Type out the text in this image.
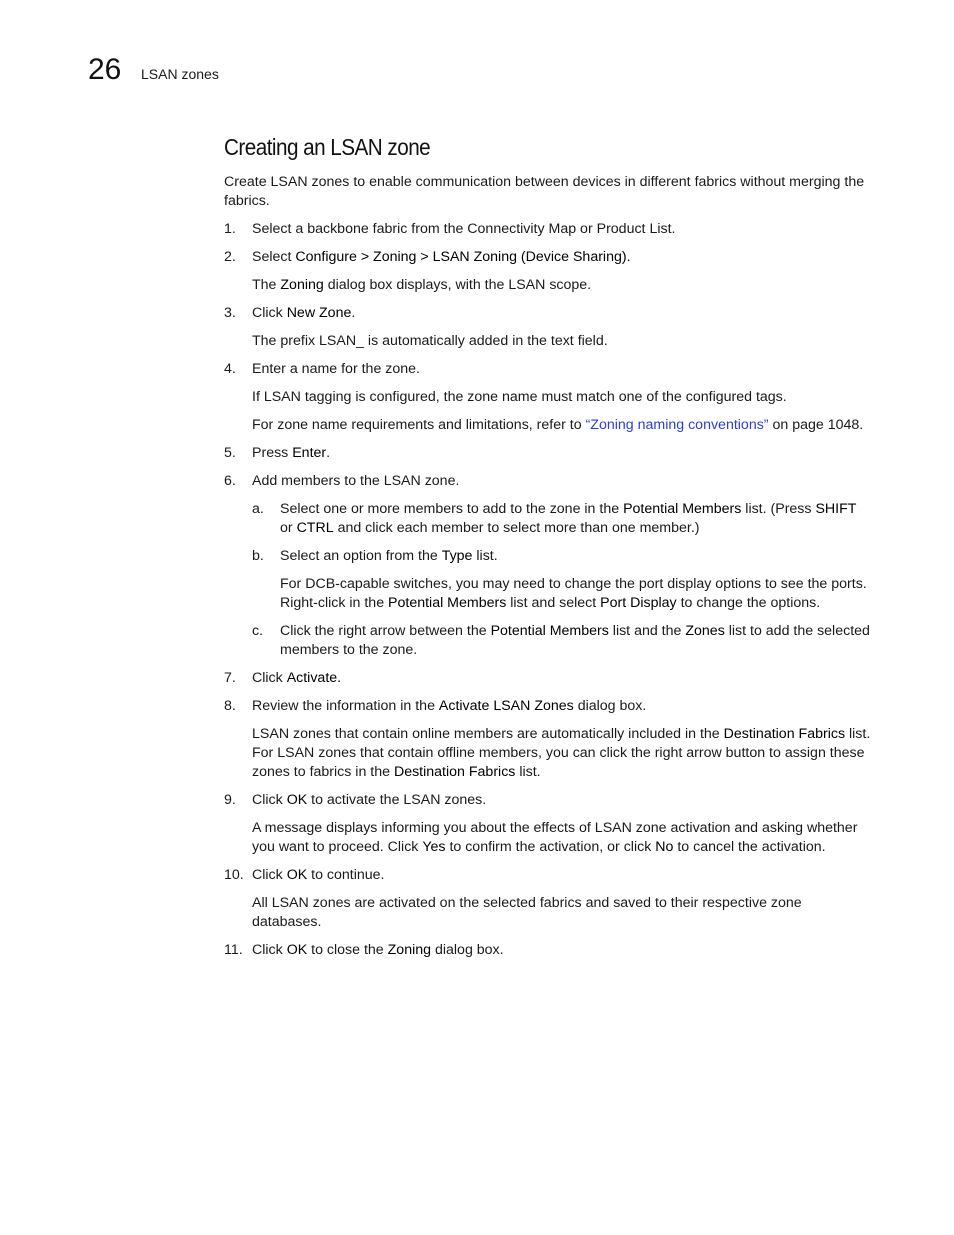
26 LSAN zones
Creating an LSAN zone

Create LSAN zones to enable communication between devices in different fabrics without merging the fabrics.

1. Select a backbone fabric from the Connectivity Map or Product List.
2. Select Configure > Zoning > LSAN Zoning (Device Sharing).

The Zoning dialog box displays, with the LSAN scope.

3. Click New Zone.

The prefix LSAN_ is automatically added in the text field.

4. Enter a name for the zone.

If LSAN tagging is configured, the zone name must match one of the configured tags.

For zone name requirements and limitations, refer to “Zoning naming conventions” on page 1048.

5. Press Enter.
6. Add members to the LSAN zone.
a. Select one or more members to add to the zone in the Potential Members list. (Press SHIFT or CTRL and click each member to select more than one member.)
b. Select an option from the Type list.

For DCB-capable switches, you may need to change the port display options to see the ports. Right-click in the Potential Members list and select Port Display to change the options.

c. Click the right arrow between the Potential Members list and the Zones list to add the selected members to the zone.
7. Click Activate.
8. Review the information in the Activate LSAN Zones dialog box.

LSAN zones that contain online members are automatically included in the Destination Fabrics list. For LSAN zones that contain offline members, you can click the right arrow button to assign these zones to fabrics in the Destination Fabrics list.

9. Click OK to activate the LSAN zones.

A message displays informing you about the effects of LSAN zone activation and asking whether you want to proceed. Click Yes to confirm the activation, or click No to cancel the activation.

10. Click OK to continue.

All LSAN zones are activated on the selected fabrics and saved to their respective zone databases.

11. Click OK to close the Zoning dialog box.
